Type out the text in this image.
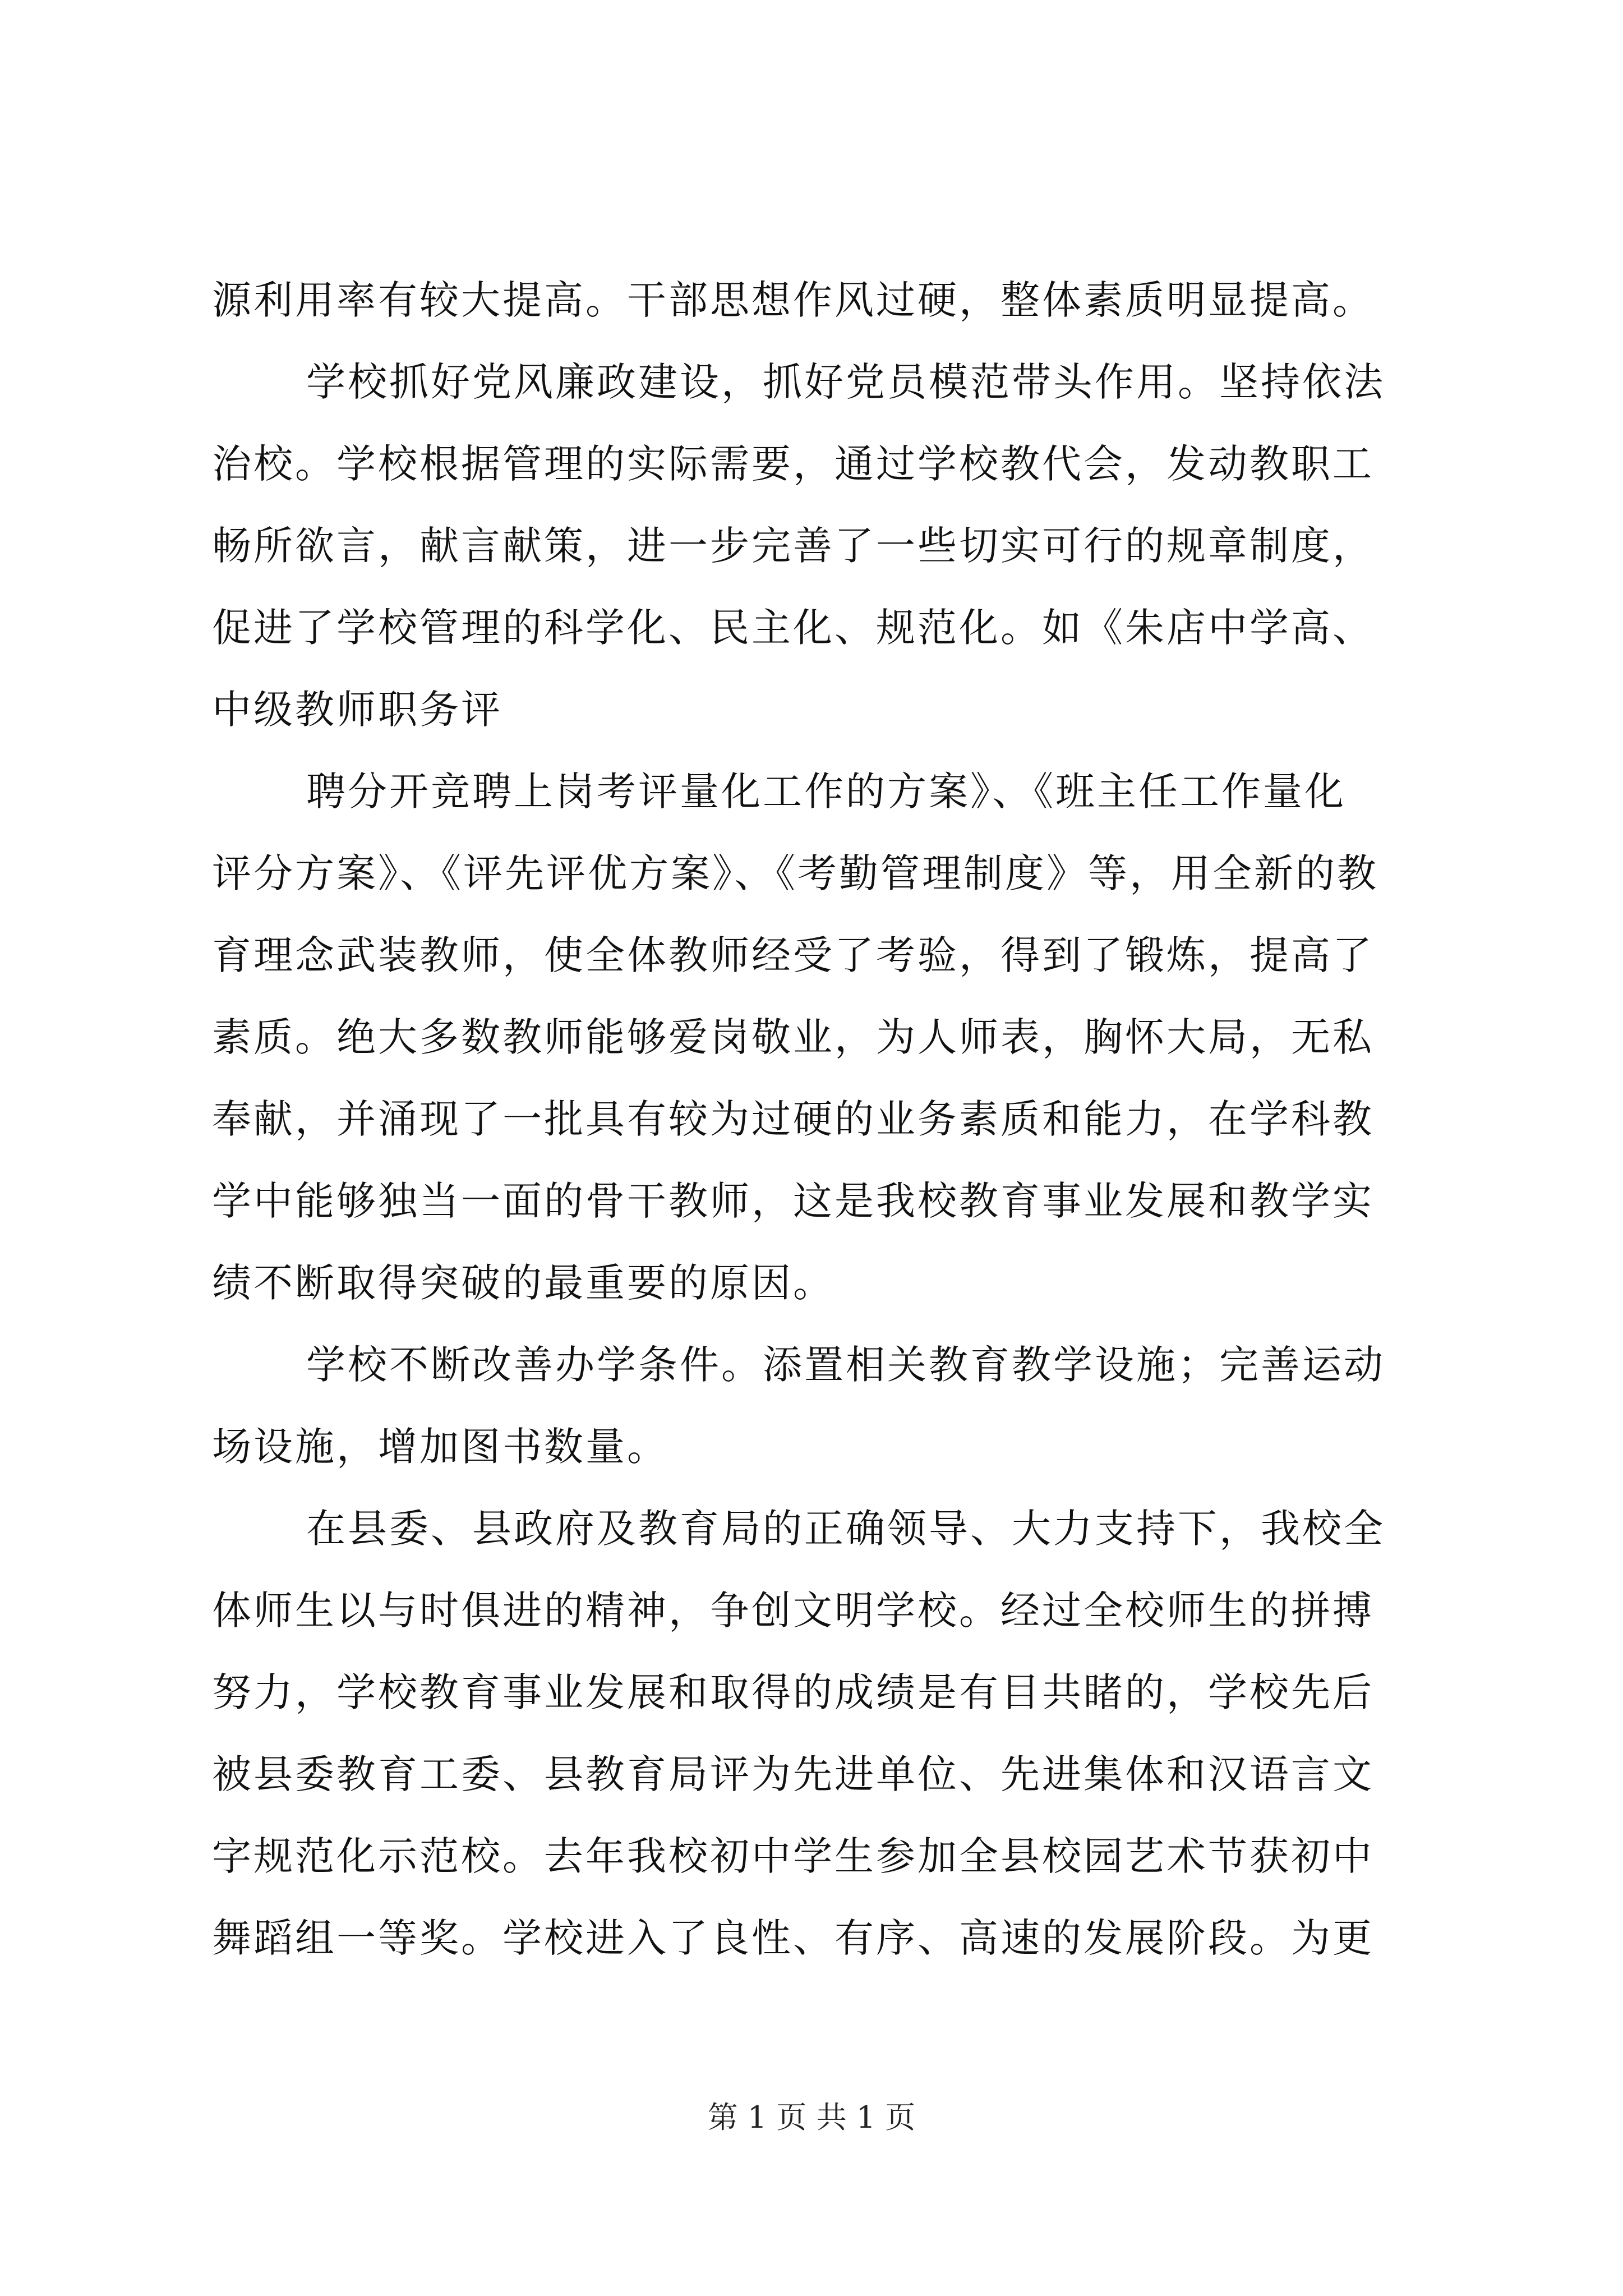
源利用率有较大提高。干部思想作风过硬，整体素质明显提高。
学校抓好党风廉政建设，抓好党员模范带头作用。坚持依法
治校。学校根据管理的实际需要，通过学校教代会，发动教职工
畅所欲言，献言献策，进一步完善了一些切实可行的规章制度，
促进了学校管理的科学化、民主化、规范化。如《朱店中学高、
中级教师职务评
聘分开竞聘上岗考评量化工作的方案》、《班主任工作量化
评分方案》、《评先评优方案》、《考勤管理制度》等，用全新的教
育理念武装教师，使全体教师经受了考验，得到了锻炼，提高了
素质。绝大多数教师能够爱岗敬业，为人师表，胸怀大局，无私
奉献，并涌现了一批具有较为过硬的业务素质和能力，在学科教
学中能够独当一面的骨干教师，这是我校教育事业发展和教学实
绩不断取得突破的最重要的原因。
学校不断改善办学条件。添置相关教育教学设施；完善运动
场设施，增加图书数量。
在县委、县政府及教育局的正确领导、大力支持下，我校全
体师生以与时俱进的精神，争创文明学校。经过全校师生的拼搏
努力，学校教育事业发展和取得的成绩是有目共睹的，学校先后
被县委教育工委、县教育局评为先进单位、先进集体和汉语言文
字规范化示范校。去年我校初中学生参加全县校园艺术节获初中
舞蹈组一等奖。学校进入了良性、有序、高速的发展阶段。为更
第 1 页 共 1 页
